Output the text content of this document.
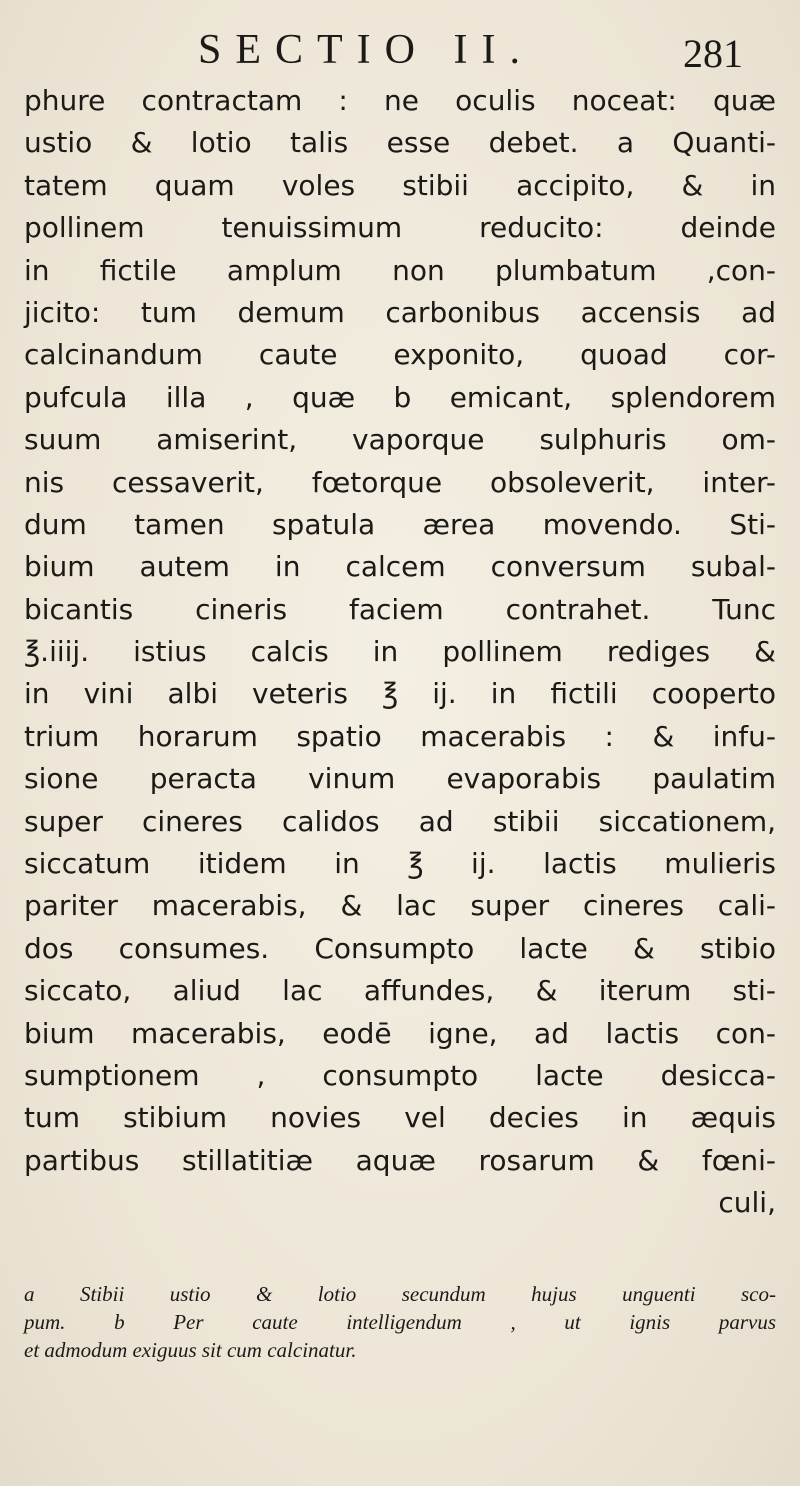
SECTIO II.	281
phure contractam : ne oculis noceat: quæ
ustio & lotio talis esse debet. a Quanti-
tatem quam voles stibii accipito, & in
pollinem tenuissimum reducito: deinde
in fictile amplum non plumbatum ,con-
jicito: tum demum carbonibus accensis ad
calcinandum caute exponito, quoad cor-
pufcula illa , quæ b emicant, splendorem
suum amiserint, vaporque sulphuris om-
nis cessaverit, fœtorque obsoleverit, inter-
dum tamen spatula ærea movendo. Sti-
bium autem in calcem conversum subal-
bicantis cineris faciem contrahet. Tunc
℥.iiij. istius calcis in pollinem rediges &
in vini albi veteris ℥ ij. in fictili cooperto
trium horarum spatio macerabis : & infu-
sione peracta vinum evaporabis paulatim
super cineres calidos ad stibii siccationem,
siccatum itidem in ℥ ij. lactis mulieris
pariter macerabis, & lac super cineres cali-
dos consumes. Consumpto lacte & stibio
siccato, aliud lac affundes, & iterum sti-
bium macerabis, eodē igne, ad lactis con-
sumptionem , consumpto lacte desicca-
tum stibium novies vel decies in æquis
partibus stillatitiæ aquæ rosarum & fœni-
culi,
a Stibii ustio & lotio secundum hujus unguenti sco-
pum. b Per caute intelligendum , ut ignis parvus
et admodum exiguus sit cum calcinatur.
